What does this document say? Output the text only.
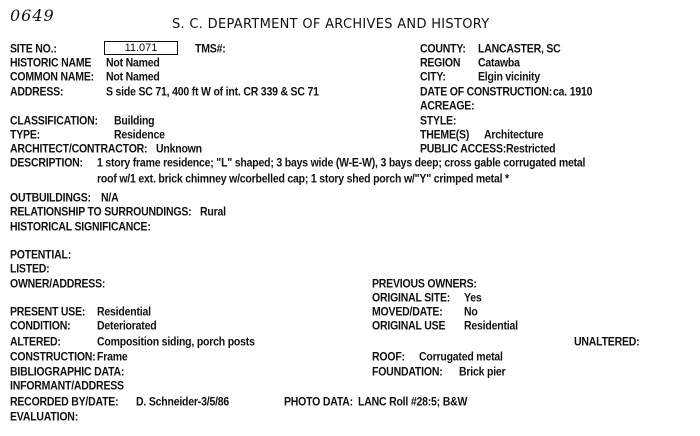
0649	S. C. DEPARTMENT OF ARCHIVES AND HISTORY
SITE NO.:	11.071	TMS#:
HISTORIC NAME Not Named
COMMON NAME: Not Named
ADDRESS:	S side SC 71, 400 ft W of int. CR 339 & SC 71
COUNTY: LANCASTER, SC
REGION Catawba
CITY:	Elgin vicinity
DATE OF CONSTRUCTION: ca. 1910
ACREAGE:
STYLE:
CLASSIFICATION: Building
TYPE:	Residence
ARCHITECT/CONTRACTOR: Unknown
THEME(S) Architecture
PUBLIC ACCESS: Restricted
DESCRIPTION: 1 story frame residence; "L" shaped; 3 bays wide (W-E-W), 3 bays deep; cross gable corrugated metal
roof w/1 ext. brick chimney w/corbelled cap; 1 story shed porch w/"Y" crimped metal *
OUTBUILDINGS: N/A
RELATIONSHIP TO SURROUNDINGS: Rural
HISTORICAL SIGNIFICANCE:
POTENTIAL:
LISTED:
OWNER/ADDRESS:	PREVIOUS OWNERS:
ORIGINAL SITE: Yes
PRESENT USE: Residential	MOVED/DATE: No
CONDITION:	Deteriorated	ORIGINAL USE Residential
ALTERED:	Composition siding, porch posts	UNALTERED:
CONSTRUCTION: Frame	ROOF: Corrugated metal
BIBLIOGRAPHIC DATA:	FOUNDATION: Brick pier
INFORMANT/ADDRESS
RECORDED BY/DATE: D. Schneider-3/5/86	PHOTO DATA: LANC Roll #28:5; B&W
EVALUATION:
